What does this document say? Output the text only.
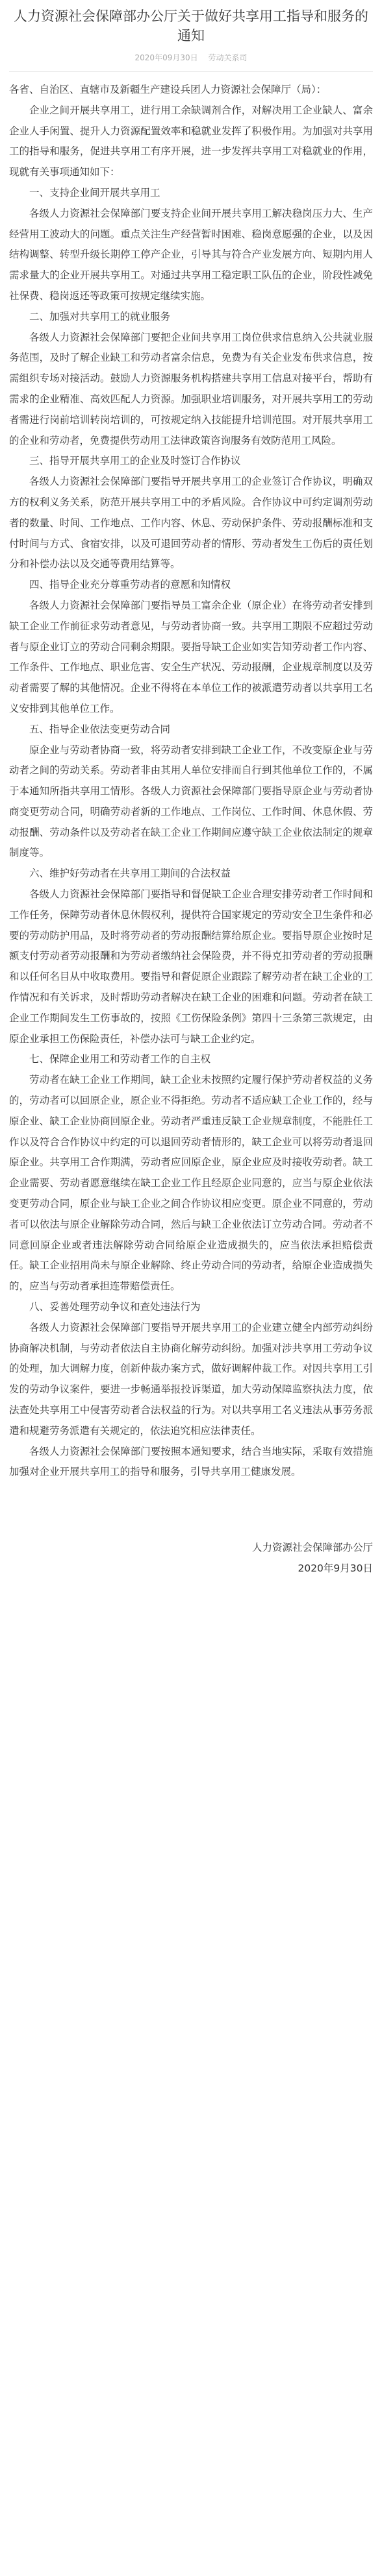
人力资源社会保障部办公厅关于做好共享用工指导和服务的通知
2020年09月30日 劳动关系司

各省、自治区、直辖市及新疆生产建设兵团人力资源社会保障厅（局）：

企业之间开展共享用工，进行用工余缺调剂合作，对解决用工企业缺人、富余企业人手闲置、提升人力资源配置效率和稳就业发挥了积极作用。为加强对共享用工的指导和服务，促进共享用工有序开展，进一步发挥共享用工对稳就业的作用，现就有关事项通知如下：

一、支持企业间开展共享用工

各级人力资源社会保障部门要支持企业间开展共享用工解决稳岗压力大、生产经营用工波动大的问题。重点关注生产经营暂时困难、稳岗意愿强的企业，以及因结构调整、转型升级长期停工停产企业，引导其与符合产业发展方向、短期内用人需求量大的企业开展共享用工。对通过共享用工稳定职工队伍的企业，阶段性减免社保费、稳岗返还等政策可按规定继续实施。

二、加强对共享用工的就业服务

各级人力资源社会保障部门要把企业间共享用工岗位供求信息纳入公共就业服务范围，及时了解企业缺工和劳动者富余信息，免费为有关企业发布供求信息，按需组织专场对接活动。鼓励人力资源服务机构搭建共享用工信息对接平台，帮助有需求的企业精准、高效匹配人力资源。加强职业培训服务，对开展共享用工的劳动者需进行岗前培训转岗培训的，可按规定纳入技能提升培训范围。对开展共享用工的企业和劳动者，免费提供劳动用工法律政策咨询服务有效防范用工风险。

三、指导开展共享用工的企业及时签订合作协议

各级人力资源社会保障部门要指导开展共享用工的企业签订合作协议，明确双方的权利义务关系，防范开展共享用工中的矛盾风险。合作协议中可约定调剂劳动者的数量、时间、工作地点、工作内容、休息、劳动保护条件、劳动报酬标准和支付时间与方式、食宿安排，以及可退回劳动者的情形、劳动者发生工伤后的责任划分和补偿办法以及交通等费用结算等。

四、指导企业充分尊重劳动者的意愿和知情权

各级人力资源社会保障部门要指导员工富余企业（原企业）在将劳动者安排到缺工企业工作前征求劳动者意见，与劳动者协商一致。共享用工期限不应超过劳动者与原企业订立的劳动合同剩余期限。要指导缺工企业如实告知劳动者工作内容、工作条件、工作地点、职业危害、安全生产状况、劳动报酬，企业规章制度以及劳动者需要了解的其他情况。企业不得将在本单位工作的被派遣劳动者以共享用工名义安排到其他单位工作。

五、指导企业依法变更劳动合同

原企业与劳动者协商一致，将劳动者安排到缺工企业工作，不改变原企业与劳动者之间的劳动关系。劳动者非由其用人单位安排而自行到其他单位工作的，不属于本通知所指共享用工情形。各级人力资源社会保障部门要指导原企业与劳动者协商变更劳动合同，明确劳动者新的工作地点、工作岗位、工作时间、休息休假、劳动报酬、劳动条件以及劳动者在缺工企业工作期间应遵守缺工企业依法制定的规章制度等。

六、维护好劳动者在共享用工期间的合法权益

各级人力资源社会保障部门要指导和督促缺工企业合理安排劳动者工作时间和工作任务，保障劳动者休息休假权利，提供符合国家规定的劳动安全卫生条件和必要的劳动防护用品，及时将劳动者的劳动报酬结算给原企业。要指导原企业按时足额支付劳动者劳动报酬和为劳动者缴纳社会保险费，并不得克扣劳动者的劳动报酬和以任何名目从中收取费用。要指导和督促原企业跟踪了解劳动者在缺工企业的工作情况和有关诉求，及时帮助劳动者解决在缺工企业的困难和问题。劳动者在缺工企业工作期间发生工伤事故的，按照《工伤保险条例》第四十三条第三款规定，由原企业承担工伤保险责任，补偿办法可与缺工企业约定。

七、保障企业用工和劳动者工作的自主权

劳动者在缺工企业工作期间，缺工企业未按照约定履行保护劳动者权益的义务的，劳动者可以回原企业，原企业不得拒绝。劳动者不适应缺工企业工作的，经与原企业、缺工企业协商回原企业。劳动者严重违反缺工企业规章制度，不能胜任工作以及符合合作协议中约定的可以退回劳动者情形的，缺工企业可以将劳动者退回原企业。共享用工合作期满，劳动者应回原企业，原企业应及时接收劳动者。缺工企业需要、劳动者愿意继续在缺工企业工作且经原企业同意的，应当与原企业依法变更劳动合同，原企业与缺工企业之间合作协议相应变更。原企业不同意的，劳动者可以依法与原企业解除劳动合同，然后与缺工企业依法订立劳动合同。劳动者不同意回原企业或者违法解除劳动合同给原企业造成损失的，应当依法承担赔偿责任。缺工企业招用尚未与原企业解除、终止劳动合同的劳动者，给原企业造成损失的，应当与劳动者承担连带赔偿责任。

八、妥善处理劳动争议和查处违法行为

各级人力资源社会保障部门要指导开展共享用工的企业建立健全内部劳动纠纷协商解决机制，与劳动者依法自主协商化解劳动纠纷。加强对涉共享用工劳动争议的处理，加大调解力度，创新仲裁办案方式，做好调解仲裁工作。对因共享用工引发的劳动争议案件，要进一步畅通举报投诉渠道，加大劳动保障监察执法力度，依法查处共享用工中侵害劳动者合法权益的行为。对以共享用工名义违法从事劳务派遣和规避劳务派遣有关规定的，依法追究相应法律责任。

各级人力资源社会保障部门要按照本通知要求，结合当地实际，采取有效措施加强对企业开展共享用工的指导和服务，引导共享用工健康发展。

人力资源社会保障部办公厅
2020年9月30日
